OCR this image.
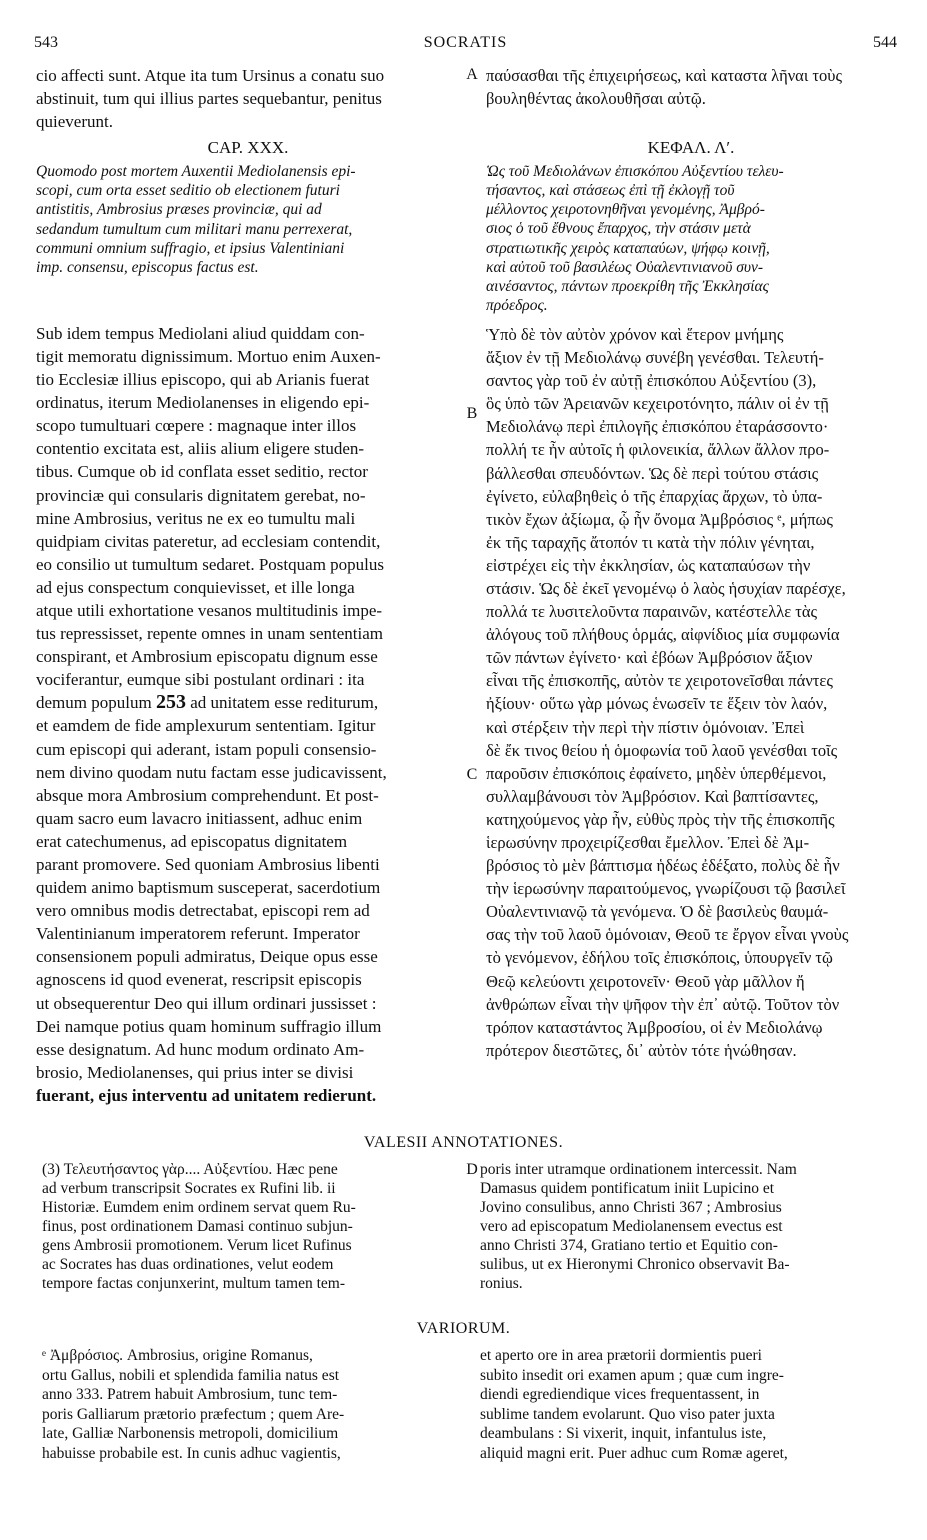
543	SOCRATIS	544
cio affecti sunt. Atque ita tum Ursinus a conatu suo
abstinuit, tum qui illius partes sequebantur, penitus
quieverunt.
CAP. XXX.
Quomodo post mortem Auxentii Mediolanensis epi-
scopi, cum orta esset seditio ob electionem futuri
antistitis, Ambrosius præses provinciæ, qui ad
sedandum tumultum cum militari manu perrexerat,
communi omnium suffragio, et ipsius Valentiniani
imp. consensu, episcopus factus est.
Sub idem tempus Mediolani aliud quiddam con-
tigit memoratu dignissimum. Mortuo enim Auxen-
tio Ecclesiæ illius episcopo, qui ab Arianis fuerat
ordinatus, iterum Mediolanenses in eligendo epi-
scopo tumultuari cœpere : magnaque inter illos
contentio excitata est, aliis alium eligere studen-
tibus. Cumque ob id conflata esset seditio, rector
provinciæ qui consularis dignitatem gerebat, no-
mine Ambrosius, veritus ne ex eo tumultu mali
quidpiam civitas pateretur, ad ecclesiam contendit,
eo consilio ut tumultum sedaret. Postquam populus
ad ejus conspectum conquievisset, et ille longa
atque utili exhortatione vesanos multitudinis impe-
tus repressisset, repente omnes in unam sententiam
conspirant, et Ambrosium episcopatu dignum esse
vociferantur, eumque sibi postulant ordinari : ita
demum populum 253 ad unitatem esse rediturum,
et eamdem de fide amplexurum sententiam. Igitur
cum episcopi qui aderant, istam populi consensio-
nem divino quodam nutu factam esse judicavissent,
absque mora Ambrosium comprehendunt. Et post-
quam sacro eum lavacro initiassent, adhuc enim
erat catechumenus, ad episcopatus dignitatem
parant promovere. Sed quoniam Ambrosius libenti
quidem animo baptismum susceperat, sacerdotium
vero omnibus modis detrectabat, episcopi rem ad
Valentinianum imperatorem referunt. Imperator
consensionem populi admiratus, Deique opus esse
agnoscens id quod evenerat, rescripsit episcopis
ut obsequerentur Deo qui illum ordinari jussisset :
Dei namque potius quam hominum suffragio illum
esse designatum. Ad hunc modum ordinato Am-
brosio, Mediolanenses, qui prius inter se divisi
fuerant, ejus interventu ad unitatem redierunt.
παύσασθαι τῆς ἐπιχειρήσεως, καὶ καταστα λῆναι τοὺς
βουληθέντας ἀκολουθῆσαι αὐτῷ.
ΚΕΦΑΛ. Λʹ.
Ὡς τοῦ Μεδιολάνων ἐπισκόπου Αὐξεντίου τελευ-
τήσαντος, καὶ στάσεως ἐπὶ τῇ ἐκλογῇ τοῦ
μέλλοντος χειροτονηθῆναι γενομένης, Ἀμβρό-
σιος ὁ τοῦ ἔθνους ἔπαρχος, τὴν στάσιν μετὰ
στρατιωτικῆς χειρὸς καταπαύων, ψήφῳ κοινῇ,
καὶ αὐτοῦ τοῦ βασιλέως Οὐαλεντινιανοῦ συν-
αινέσαντος, πάντων προεκρίθη τῆς Ἐκκλησίας
πρόεδρος.
Ὑπὸ δὲ τὸν αὐτὸν χρόνον καὶ ἕτερον μνήμης
ἄξιον ἐν τῇ Μεδιολάνῳ συνέβη γενέσθαι. Τελευτή-
σαντος γὰρ τοῦ ἐν αὐτῇ ἐπισκόπου Αὐξεντίου (3),
ὃς ὑπὸ τῶν Ἀρειανῶν κεχειροτόνητο, πάλιν οἱ ἐν τῇ
Μεδιολάνῳ περὶ ἐπιλογῆς ἐπισκόπου ἐταράσσοντο·
πολλή τε ἦν αὐτοῖς ἡ φιλονεικία, ἄλλων ἄλλον προ-
βάλλεσθαι σπευδόντων. Ὡς δὲ περὶ τούτου στάσις
ἐγίνετο, εὐλαβηθεὶς ὁ τῆς ἐπαρχίας ἄρχων, τὸ ὑπα-
τικὸν ἔχων ἀξίωμα, ᾧ ἦν ὄνομα Ἀμβρόσιος ᵉ, μήπως
ἐκ τῆς ταραχῆς ἄτοπόν τι κατὰ τὴν πόλιν γένηται,
εἰστρέχει εἰς τὴν ἐκκλησίαν, ὡς καταπαύσων τὴν
στάσιν. Ὡς δὲ ἐκεῖ γενομένῳ ὁ λαὸς ἡσυχίαν παρέσχε,
πολλά τε λυσιτελοῦντα παραινῶν, κατέστελλε τὰς
ἀλόγους τοῦ πλήθους ὁρμάς, αἰφνίδιος μία συμφωνία
τῶν πάντων ἐγίνετο· καὶ ἐβόων Ἀμβρόσιον ἄξιον
εἶναι τῆς ἐπισκοπῆς, αὐτὸν τε χειροτονεῖσθαι πάντες
ἠξίουν· οὕτω γὰρ μόνως ἑνωσεῖν τε ἕξειν τὸν λαόν,
καὶ στέρξειν τὴν περὶ τὴν πίστιν ὁμόνοιαν. Ἐπεὶ
δὲ ἔκ τινος θείου ἡ ὁμοφωνία τοῦ λαοῦ γενέσθαι τοῖς
παροῦσιν ἐπισκόποις ἐφαίνετο, μηδὲν ὑπερθέμενοι,
συλλαμβάνουσι τὸν Ἀμβρόσιον. Καὶ βαπτίσαντες,
κατηχούμενος γὰρ ἦν, εὐθὺς πρὸς τὴν τῆς ἐπισκοπῆς
ἱερωσύνην προχειρίζεσθαι ἔμελλον. Ἐπεὶ δὲ Ἀμ-
βρόσιος τὸ μὲν βάπτισμα ἡδέως ἐδέξατο, πολὺς δὲ ἦν
τὴν ἱερωσύνην παραιτούμενος, γνωρίζουσι τῷ βασιλεῖ
Οὐαλεντινιανῷ τὰ γενόμενα. Ὁ δὲ βασιλεὺς θαυμά-
σας τὴν τοῦ λαοῦ ὁμόνοιαν, Θεοῦ τε ἔργον εἶναι γνοὺς
τὸ γενόμενον, ἐδήλου τοῖς ἐπισκόποις, ὑπουργεῖν τῷ
Θεῷ κελεύοντι χειροτονεῖν· Θεοῦ γὰρ μᾶλλον ἤ
ἀνθρώπων εἶναι τὴν ψῆφον τὴν ἐπ᾽ αὐτῷ. Τοῦτον τὸν
τρόπον καταστάντος Ἀμβροσίου, οἱ ἐν Μεδιολάνῳ
πρότερον διεστῶτες, δι᾽ αὐτὸν τότε ἡνώθησαν.
A
B
C
D
VALESII ANNOTATIONES.
(3) Τελευτήσαντος γὰρ.... Αὐξεντίου. Hæc pene
ad verbum transcripsit Socrates ex Rufini lib. ii
Historiæ. Eumdem enim ordinem servat quem Ru-
finus, post ordinationem Damasi continuo subjun-
gens Ambrosii promotionem. Verum licet Rufinus
ac Socrates has duas ordinationes, velut eodem
tempore factas conjunxerint, multum tamen tem-
poris inter utramque ordinationem intercessit. Nam
Damasus quidem pontificatum iniit Lupicino et
Jovino consulibus, anno Christi 367 ; Ambrosius
vero ad episcopatum Mediolanensem evectus est
anno Christi 374, Gratiano tertio et Equitio con-
sulibus, ut ex Hieronymi Chronico observavit Ba-
ronius.
VARIORUM.
ᵉ Ἀμβρόσιος. Ambrosius, origine Romanus,
ortu Gallus, nobili et splendida familia natus est
anno 333. Patrem habuit Ambrosium, tunc tem-
poris Galliarum prætorio præfectum ; quem Are-
late, Galliæ Narbonensis metropoli, domicilium
habuisse probabile est. In cunis adhuc vagientis,
et aperto ore in area prætorii dormientis pueri
subito insedit ori examen apum ; quæ cum ingre-
diendi egrediendique vices frequentassent, in
sublime tandem evolarunt. Quo viso pater juxta
deambulans : Si vixerit, inquit, infantulus iste,
aliquid magni erit. Puer adhuc cum Romæ ageret,
